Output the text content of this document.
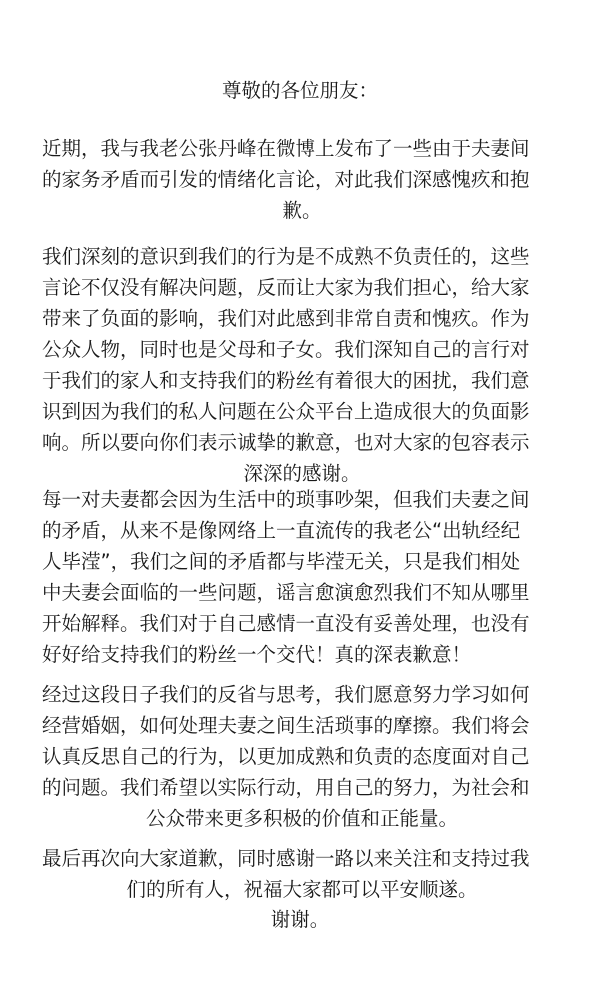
尊敬的各位朋友：
近期，我与我老公张丹峰在微博上发布了一些由于夫妻间
的家务矛盾而引发的情绪化言论，对此我们深感愧疚和抱
歉。
我们深刻的意识到我们的行为是不成熟不负责任的，这些
言论不仅没有解决问题，反而让大家为我们担心，给大家
带来了负面的影响，我们对此感到非常自责和愧疚。作为
公众人物，同时也是父母和子女。我们深知自己的言行对
于我们的家人和支持我们的粉丝有着很大的困扰，我们意
识到因为我们的私人问题在公众平台上造成很大的负面影
响。所以要向你们表示诚挚的歉意，也对大家的包容表示
深深的感谢。
每一对夫妻都会因为生活中的琐事吵架，但我们夫妻之间
的矛盾，从来不是像网络上一直流传的我老公“出轨经纪
人毕滢”，我们之间的矛盾都与毕滢无关，只是我们相处
中夫妻会面临的一些问题，谣言愈演愈烈我们不知从哪里
开始解释。我们对于自己感情一直没有妥善处理，也没有
好好给支持我们的粉丝一个交代！真的深表歉意！
经过这段日子我们的反省与思考，我们愿意努力学习如何
经营婚姻，如何处理夫妻之间生活琐事的摩擦。我们将会
认真反思自己的行为，以更加成熟和负责的态度面对自己
的问题。我们希望以实际行动，用自己的努力，为社会和
公众带来更多积极的价值和正能量。
最后再次向大家道歉，同时感谢一路以来关注和支持过我
们的所有人，祝福大家都可以平安顺遂。
谢谢。
